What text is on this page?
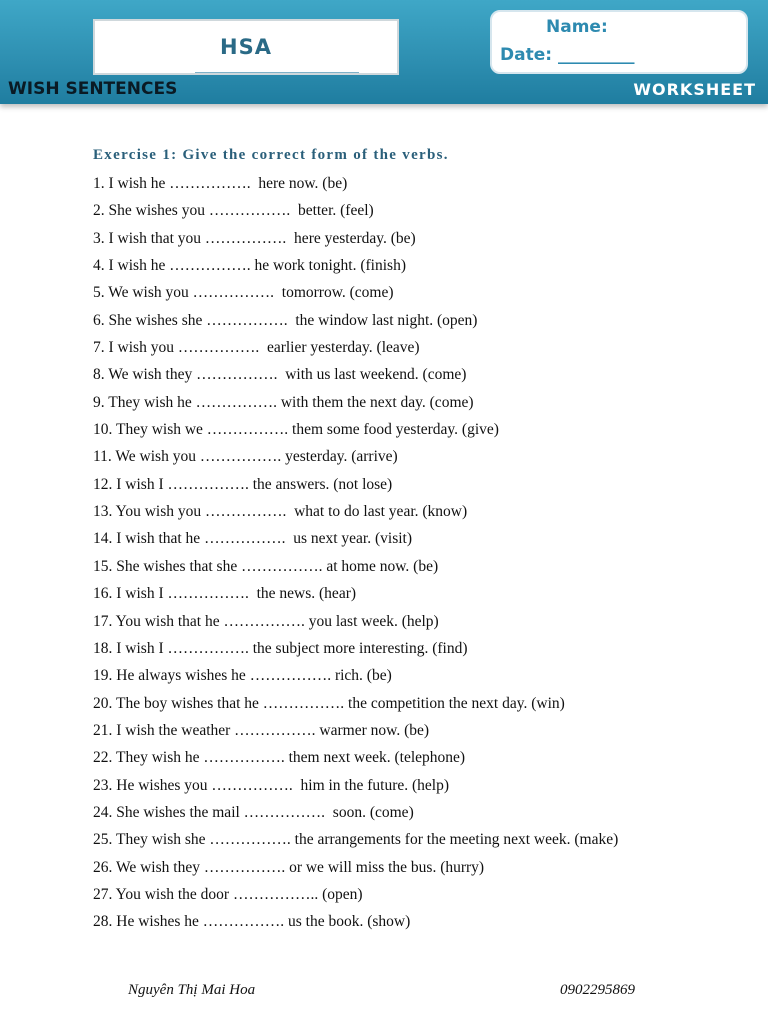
HSA
Name:
Date: _________
WISH SENTENCES	WORKSHEET
Exercise 1: Give the correct form of the verbs.
1. I wish he …………….  here now. (be)
2. She wishes you …………….  better. (feel)
3. I wish that you …………….  here yesterday. (be)
4. I wish he ……………. he work tonight. (finish)
5. We wish you …………….  tomorrow. (come)
6. She wishes she …………….  the window last night. (open)
7. I wish you …………….  earlier yesterday. (leave)
8. We wish they …………….  with us last weekend. (come)
9. They wish he ……………. with them the next day. (come)
10. They wish we ……………. them some food yesterday. (give)
11. We wish you ……………. yesterday. (arrive)
12. I wish I ……………. the answers. (not lose)
13. You wish you …………….  what to do last year. (know)
14. I wish that he …………….  us next year. (visit)
15. She wishes that she ……………. at home now. (be)
16. I wish I …………….  the news. (hear)
17. You wish that he ……………. you last week. (help)
18. I wish I ……………. the subject more interesting. (find)
19. He always wishes he ……………. rich. (be)
20. The boy wishes that he ……………. the competition the next day. (win)
21. I wish the weather ……………. warmer now. (be)
22. They wish he ……………. them next week. (telephone)
23. He wishes you …………….  him in the future. (help)
24. She wishes the mail …………….  soon. (come)
25. They wish she ……………. the arrangements for the meeting next week. (make)
26. We wish they ……………. or we will miss the bus. (hurry)
27. You wish the door …………….. (open)
28. He wishes he ……………. us the book. (show)
Nguyên Thị Mai Hoa	0902295869
